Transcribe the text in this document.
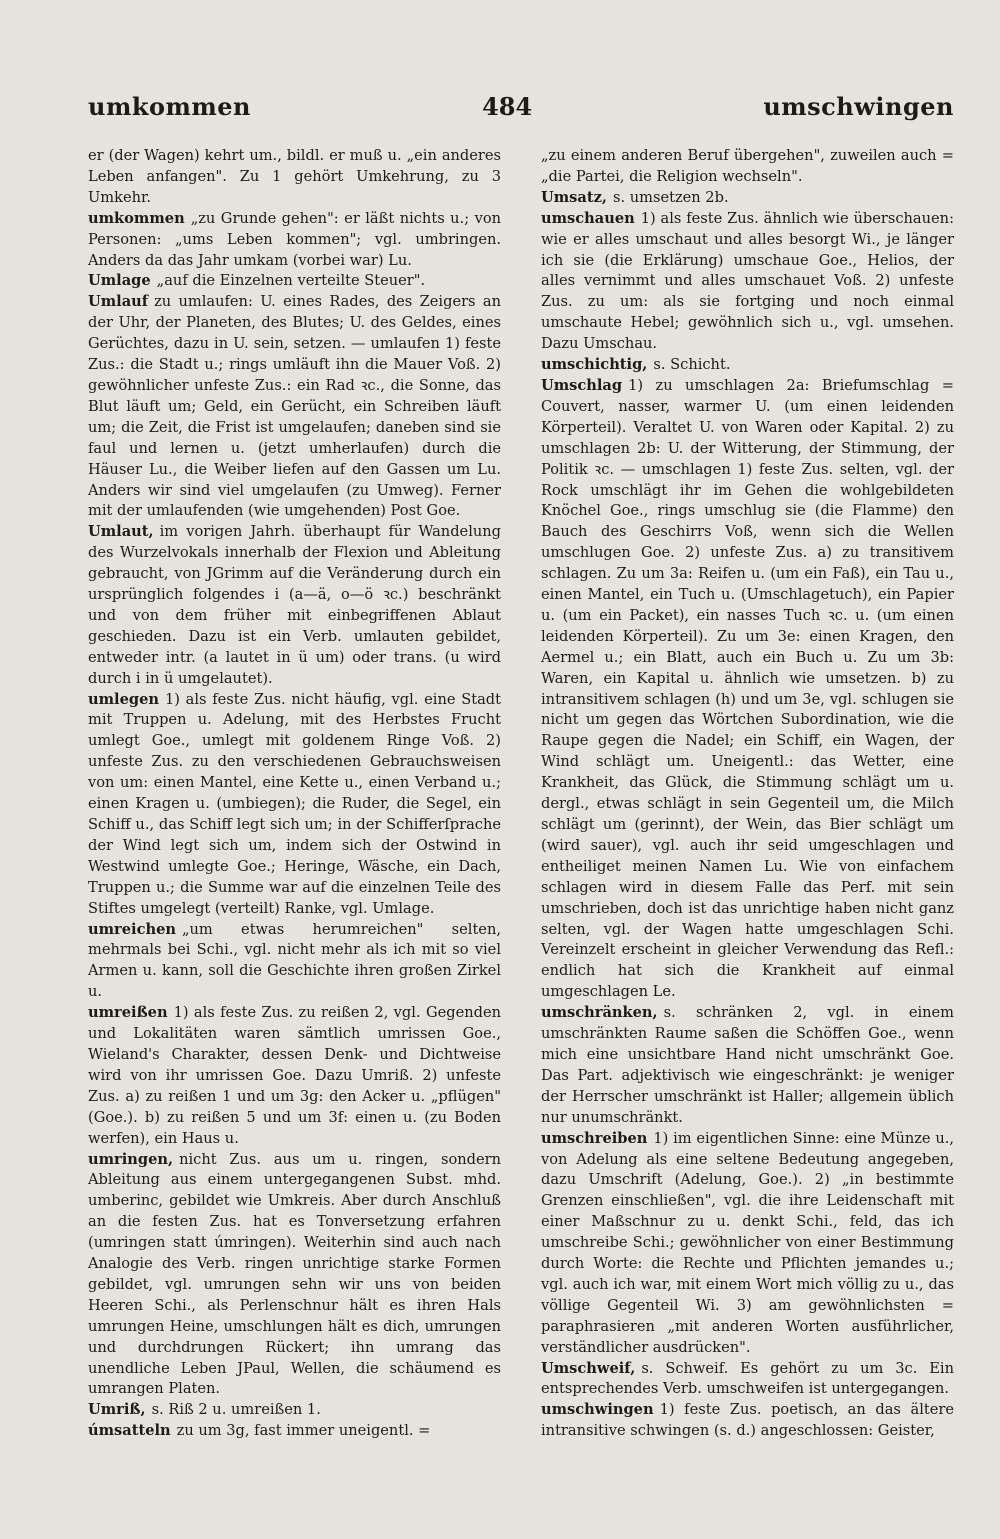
umkommen	484	umschwingen

er (der Wagen) kehrt um., bildl. er muß u. „ein anderes Leben anfangen". Zu 1 gehört Umkehrung, zu 3 Umkehr.

umkommen „zu Grunde gehen": er läßt nichts u.; von Personen: „ums Leben kommen"; vgl. umbringen. Anders da das Jahr umkam (vorbei war) Lu.

Umlage „auf die Einzelnen verteilte Steuer".

Umlauf zu umlaufen: U. eines Rades, des Zeigers an der Uhr, der Planeten, des Blutes; U. des Geldes, eines Gerüchtes, dazu in U. sein, setzen. — umlaufen 1) feste Zus.: die Stadt u.; rings umläuft ihn die Mauer Voß. 2) gewöhnlicher unfeste Zus.: ein Rad ꝛc., die Sonne, das Blut läuft um; Geld, ein Gerücht, ein Schreiben läuft um; die Zeit, die Frist ist umgelaufen; daneben sind sie faul und lernen u. (jetzt umherlaufen) durch die Häuser Lu., die Weiber liefen auf den Gassen um Lu. Anders wir sind viel umgelaufen (zu Umweg). Ferner mit der umlaufenden (wie umgehenden) Post Goe.

Umlaut, im vorigen Jahrh. überhaupt für Wandelung des Wurzelvokals innerhalb der Flexion und Ableitung gebraucht, von JGrimm auf die Veränderung durch ein ursprünglich folgendes i (a—ä, o—ö ꝛc.) beschränkt und von dem früher mit einbegriffenen Ablaut geschieden. Dazu ist ein Verb. umlauten gebildet, entweder intr. (a lautet in ü um) oder trans. (u wird durch i in ü umgelautet).

umlegen 1) als feste Zus. nicht häufig, vgl. eine Stadt mit Truppen u. Adelung, mit des Herbstes Frucht umlegt Goe., umlegt mit goldenem Ringe Voß. 2) unfeste Zus. zu den verschiedenen Gebrauchsweisen von um: einen Mantel, eine Kette u., einen Verband u.; einen Kragen u. (umbiegen); die Ruder, die Segel, ein Schiff u., das Schiff legt sich um; in der Schifferſprache der Wind legt sich um, indem sich der Ostwind in Westwind umlegte Goe.; Heringe, Wäsche, ein Dach, Truppen u.; die Summe war auf die einzelnen Teile des Stiftes umgelegt (verteilt) Ranke, vgl. Umlage.

umreichen „um etwas herumreichen" selten, mehrmals bei Schi., vgl. nicht mehr als ich mit so viel Armen u. kann, soll die Geschichte ihren großen Zirkel u.

umreißen 1) als feste Zus. zu reißen 2, vgl. Gegenden und Lokalitäten waren sämtlich umrissen Goe., Wieland's Charakter, dessen Denk- und Dichtweise wird von ihr umrissen Goe. Dazu Umriß. 2) unfeste Zus. a) zu reißen 1 und um 3g: den Acker u. „pflügen" (Goe.). b) zu reißen 5 und um 3f: einen u. (zu Boden werfen), ein Haus u.

umringen, nicht Zus. aus um u. ringen, sondern Ableitung aus einem untergegangenen Subst. mhd. umberinc, gebildet wie Umkreis. Aber durch Anschluß an die festen Zus. hat es Tonversetzung erfahren (umringen statt úmringen). Weiterhin sind auch nach Analogie des Verb. ringen unrichtige starke Formen gebildet, vgl. umrungen sehn wir uns von beiden Heeren Schi., als Perlenschnur hält es ihren Hals umrungen Heine, umschlungen hält es dich, umrungen und durchdrungen Rückert; ihn umrang das unendliche Leben JPaul, Wellen, die schäumend es umrangen Platen.

Umriß, s. Riß 2 u. umreißen 1.

úmsatteln zu um 3g, fast immer uneigentl. =

„zu einem anderen Beruf übergehen", zuweilen auch = „die Partei, die Religion wechseln".

Umsatz, s. umsetzen 2b.

umschauen 1) als feste Zus. ähnlich wie überschauen: wie er alles umschaut und alles besorgt Wi., je länger ich sie (die Erklärung) umschaue Goe., Helios, der alles vernimmt und alles umschauet Voß. 2) unfeste Zus. zu um: als sie fortging und noch einmal umschaute Hebel; gewöhnlich sich u., vgl. umsehen. Dazu Umschau.

umschichtig, s. Schicht.

Umschlag 1) zu umschlagen 2a: Briefumschlag = Couvert, nasser, warmer U. (um einen leidenden Körperteil). Veraltet U. von Waren oder Kapital. 2) zu umschlagen 2b: U. der Witterung, der Stimmung, der Politik ꝛc. — umschlagen 1) feste Zus. selten, vgl. der Rock umschlägt ihr im Gehen die wohlgebildeten Knöchel Goe., rings umschlug sie (die Flamme) den Bauch des Geschirrs Voß, wenn sich die Wellen umschlugen Goe. 2) unfeste Zus. a) zu transitivem schlagen. Zu um 3a: Reifen u. (um ein Faß), ein Tau u., einen Mantel, ein Tuch u. (Umschlagetuch), ein Papier u. (um ein Packet), ein nasses Tuch ꝛc. u. (um einen leidenden Körperteil). Zu um 3e: einen Kragen, den Aermel u.; ein Blatt, auch ein Buch u. Zu um 3b: Waren, ein Kapital u. ähnlich wie umsetzen. b) zu intransitivem schlagen (h) und um 3e, vgl. schlugen sie nicht um gegen das Wörtchen Subordination, wie die Raupe gegen die Nadel; ein Schiff, ein Wagen, der Wind schlägt um. Uneigentl.: das Wetter, eine Krankheit, das Glück, die Stimmung schlägt um u. dergl., etwas schlägt in sein Gegenteil um, die Milch schlägt um (gerinnt), der Wein, das Bier schlägt um (wird sauer), vgl. auch ihr seid umgeschlagen und entheiliget meinen Namen Lu. Wie von einfachem schlagen wird in diesem Falle das Perf. mit sein umschrieben, doch ist das unrichtige haben nicht ganz selten, vgl. der Wagen hatte umgeschlagen Schi. Vereinzelt erscheint in gleicher Verwendung das Refl.: endlich hat sich die Krankheit auf einmal umgeschlagen Le.

umschränken, s. schränken 2, vgl. in einem umschränkten Raume saßen die Schöffen Goe., wenn mich eine unsichtbare Hand nicht umschränkt Goe. Das Part. adjektivisch wie eingeschränkt: je weniger der Herrscher umschränkt ist Haller; allgemein üblich nur unumschränkt.

umschreiben 1) im eigentlichen Sinne: eine Münze u., von Adelung als eine seltene Bedeutung angegeben, dazu Umschrift (Adelung, Goe.). 2) „in bestimmte Grenzen einschließen", vgl. die ihre Leidenschaft mit einer Maßschnur zu u. denkt Schi., feld, das ich umschreibe Schi.; gewöhnlicher von einer Bestimmung durch Worte: die Rechte und Pflichten jemandes u.; vgl. auch ich war, mit einem Wort mich völlig zu u., das völlige Gegenteil Wi. 3) am gewöhnlichsten = paraphrasieren „mit anderen Worten ausführlicher, verständlicher ausdrücken".

Umschweif, s. Schweif. Es gehört zu um 3c. Ein entsprechendes Verb. umschweifen ist untergegangen.

umschwingen 1) feste Zus. poetisch, an das ältere intransitive schwingen (s. d.) angeschlossen: Geister,
